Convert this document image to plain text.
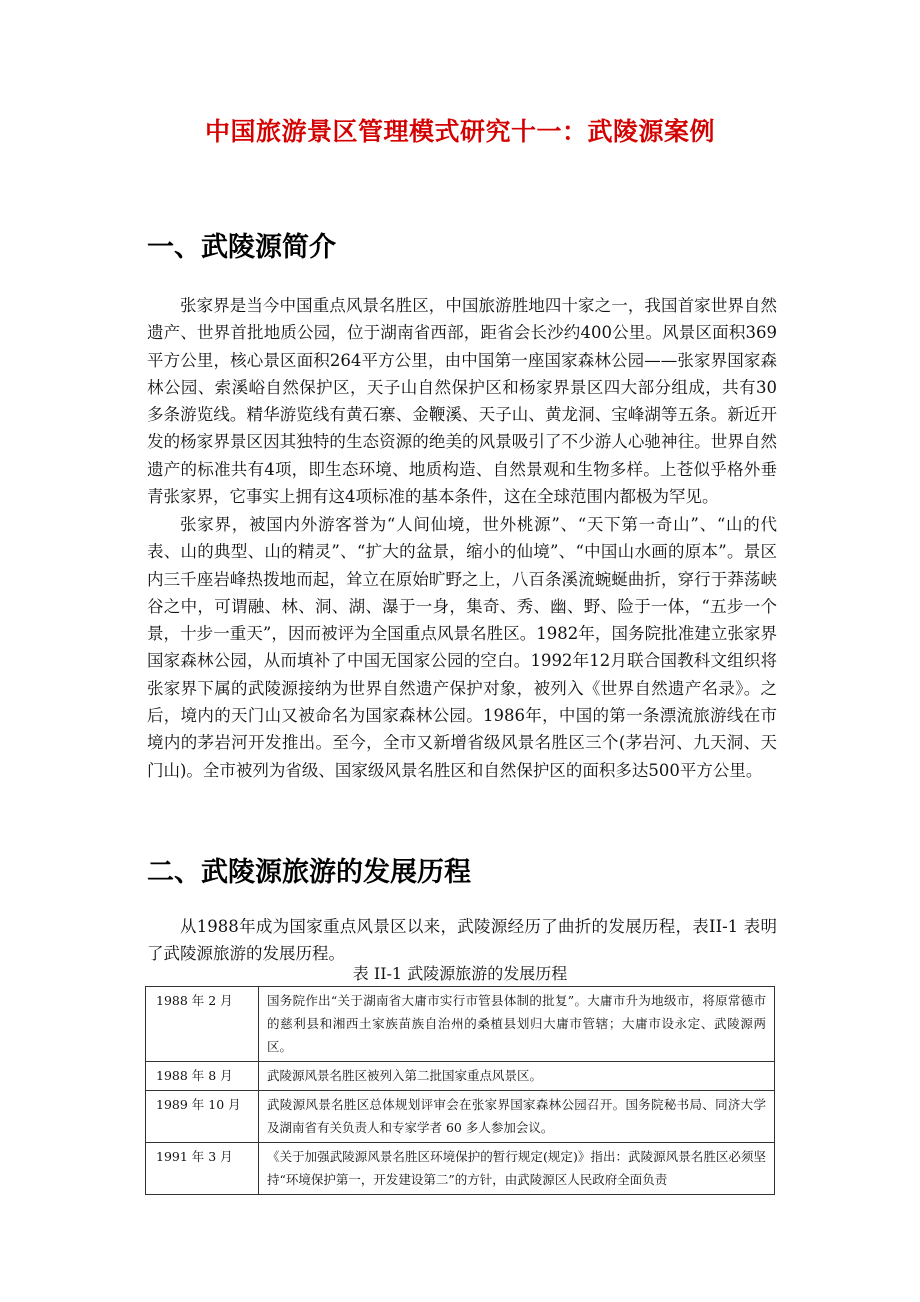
中国旅游景区管理模式研究十一：武陵源案例
一、武陵源简介

张家界是当今中国重点风景名胜区，中国旅游胜地四十家之一，我国首家世界自然遗产、世界首批地质公园，位于湖南省西部，距省会长沙约400公里。风景区面积369平方公里，核心景区面积264平方公里，由中国第一座国家森林公园——张家界国家森林公园、索溪峪自然保护区，天子山自然保护区和杨家界景区四大部分组成，共有30多条游览线。精华游览线有黄石寨、金鞭溪、天子山、黄龙洞、宝峰湖等五条。新近开发的杨家界景区因其独特的生态资源的绝美的风景吸引了不少游人心驰神往。世界自然遗产的标准共有4项，即生态环境、地质构造、自然景观和生物多样。上苍似乎格外垂青张家界，它事实上拥有这4项标准的基本条件，这在全球范围内都极为罕见。

张家界，被国内外游客誉为“人间仙境，世外桃源”、“天下第一奇山”、“山的代表、山的典型、山的精灵”、“扩大的盆景，缩小的仙境”、“中国山水画的原本”。景区内三千座岩峰热拨地而起，耸立在原始旷野之上，八百条溪流蜿蜒曲折，穿行于莽荡峡谷之中，可谓融、林、洞、湖、瀑于一身，集奇、秀、幽、野、险于一体，“五步一个景，十步一重天”，因而被评为全国重点风景名胜区。1982年，国务院批准建立张家界国家森林公园，从而填补了中国无国家公园的空白。1992年12月联合国教科文组织将张家界下属的武陵源接纳为世界自然遗产保护对象，被列入《世界自然遗产名录》。之后，境内的天门山又被命名为国家森林公园。1986年，中国的第一条漂流旅游线在市境内的茅岩河开发推出。至今，全市又新增省级风景名胜区三个(茅岩河、九天洞、天门山)。全市被列为省级、国家级风景名胜区和自然保护区的面积多达500平方公里。

二、武陵源旅游的发展历程

从1988年成为国家重点风景区以来，武陵源经历了曲折的发展历程，表II-1 表明了武陵源旅游的发展历程。

表 II-1 武陵源旅游的发展历程
1988 年 2 月	国务院作出“关于湖南省大庸市实行市管县体制的批复”。大庸市升为地级市，将原常德市的慈利县和湘西土家族苗族自治州的桑植县划归大庸市管辖；大庸市设永定、武陵源两区。
1988 年 8 月	武陵源风景名胜区被列入第二批国家重点风景区。
1989 年 10 月	武陵源风景名胜区总体规划评审会在张家界国家森林公园召开。国务院秘书局、同济大学及湖南省有关负责人和专家学者 60 多人参加会议。
1991 年 3 月	《关于加强武陵源风景名胜区环境保护的暂行规定(规定)》指出：武陵源风景名胜区必须坚持“环境保护第一，开发建设第二”的方针，由武陵源区人民政府全面负责
